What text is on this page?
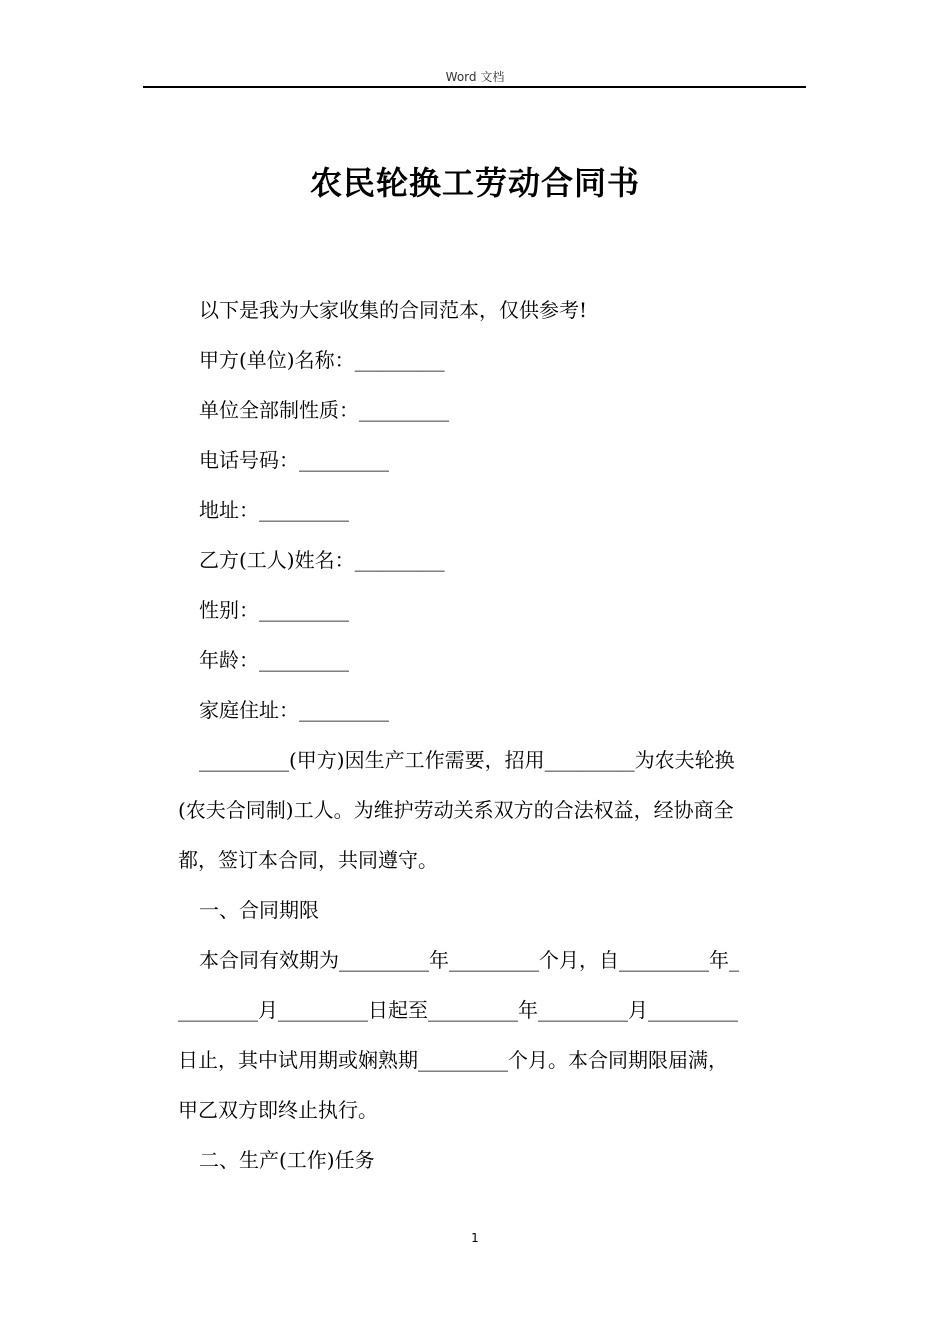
Word 文档
农民轮换工劳动合同书
以下是我为大家收集的合同范本，仅供参考!
甲方(单位)名称：_________
单位全部制性质：_________
电话号码：_________
地址：_________
乙方(工人)姓名：_________
性别：_________
年龄：_________
家庭住址：_________
_________(甲方)因生产工作需要，招用_________为农夫轮换
(农夫合同制)工人。为维护劳动关系双方的合法权益，经协商全
都，签订本合同，共同遵守。
一、合同期限
本合同有效期为_________年_________个月，自_________年_
________月_________日起至_________年_________月_________
日止，其中试用期或娴熟期_________个月。本合同期限届满，
甲乙双方即终止执行。
二、生产(工作)任务
1
